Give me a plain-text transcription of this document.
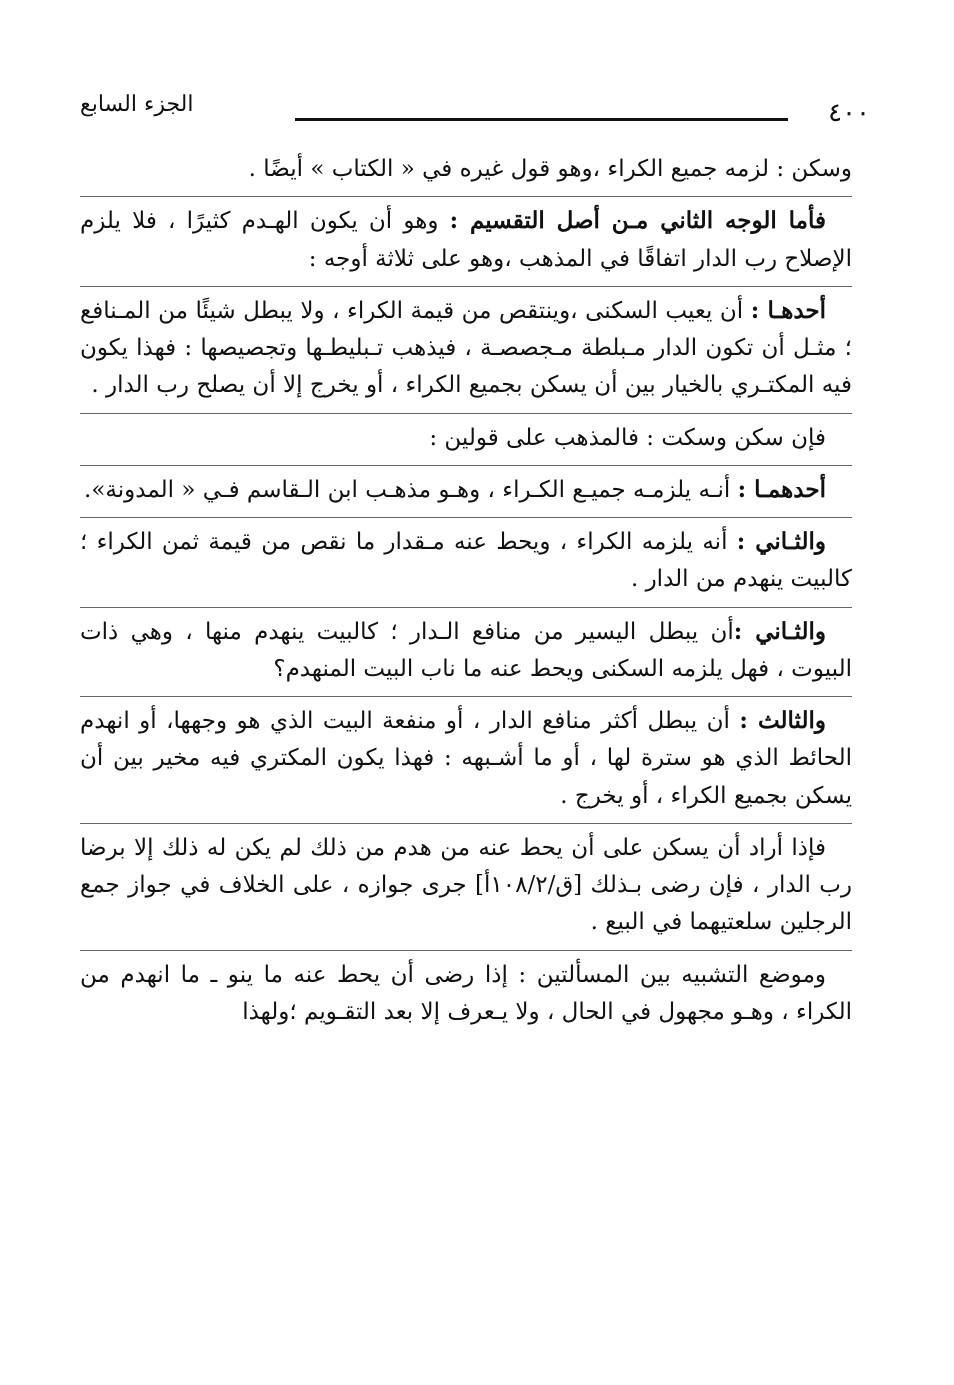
٤٠٠
الجزء السابع

وسكن : لزمه جميع الكراء ،وهو قول غيره في « الكتاب » أيضًا .

فأما الوجه الثاني مـن أصل التقسيم : وهو أن يكون الهـدم كثيرًا ، فلا يلزم الإصلاح رب الدار اتفاقًا في المذهب ،وهو على ثلاثة أوجه :

أحدهـا : أن يعيب السكنى ،وينتقص من قيمة الكراء ، ولا يبطل شيئًا من المـنافع ؛ مثـل أن تكون الدار مـبلطة مـجصصـة ، فيذهب تـبليطـها وتجصيصها : فهذا يكون فيه المكتـري بالخيار بين أن يسكن بجميع الكراء ، أو يخرج إلا أن يصلح رب الدار .

فإن سكن وسكت : فالمذهب على قولين :

أحدهمـا : أنـه يلزمـه جميـع الكـراء ، وهـو مذهـب ابن الـقاسم فـي « المدونة».

والثـاني : أنه يلزمه الكراء ، ويحط عنه مـقدار ما نقص من قيمة ثمن الكراء ؛ كالبيت ينهدم من الدار .

والثـاني :أن يبطل اليسير من منافع الـدار ؛ كالبيت ينهدم منها ، وهي ذات البيوت ، فهل يلزمه السكنى ويحط عنه ما ناب البيت المنهدم؟

والثالث : أن يبطل أكثر منافع الدار ، أو منفعة البيت الذي هو وجهها، أو انهدم الحائط الذي هو سترة لها ، أو ما أشـبهه : فهذا يكون المكتري فيه مخير بين أن يسكن بجميع الكراء ، أو يخرج .

فإذا أراد أن يسكن على أن يحط عنه من هدم من ذلك لم يكن له ذلك إلا برضا رب الدار ، فإن رضى بـذلك [ق/١٠٨/٢أ] جرى جوازه ، على الخلاف في جواز جمع الرجلين سلعتيهما في البيع .

وموضع التشبيه بين المسألتين : إذا رضى أن يحط عنه ما ينو ـ ما انهدم من الكراء ، وهـو مجهول في الحال ، ولا يـعرف إلا بعد التقـويم ؛ولهذا
